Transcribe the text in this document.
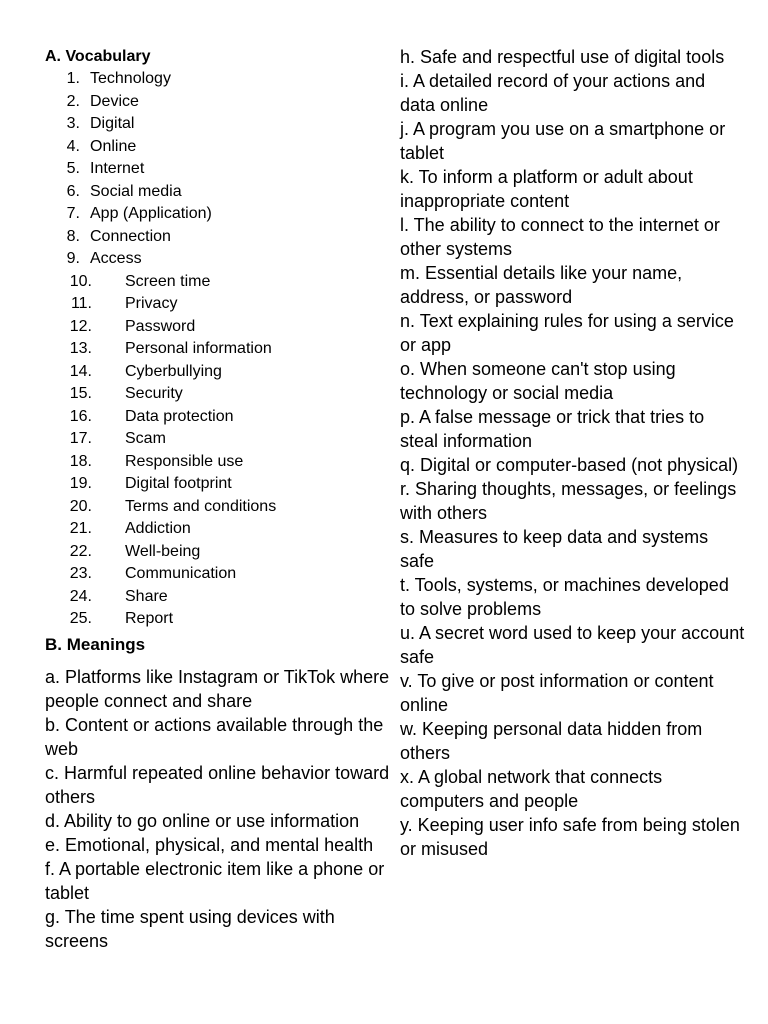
A. Vocabulary
1. Technology
2. Device
3. Digital
4. Online
5. Internet
6. Social media
7. App (Application)
8. Connection
9. Access
10. Screen time
11. Privacy
12. Password
13. Personal information
14. Cyberbullying
15. Security
16. Data protection
17. Scam
18. Responsible use
19. Digital footprint
20. Terms and conditions
21. Addiction
22. Well-being
23. Communication
24. Share
25. Report
B. Meanings
a. Platforms like Instagram or TikTok where people connect and share
b. Content or actions available through the web
c. Harmful repeated online behavior toward others
d. Ability to go online or use information
e. Emotional, physical, and mental health
f. A portable electronic item like a phone or tablet
g. The time spent using devices with screens
h. Safe and respectful use of digital tools
i. A detailed record of your actions and data online
j. A program you use on a smartphone or tablet
k. To inform a platform or adult about inappropriate content
l. The ability to connect to the internet or other systems
m. Essential details like your name, address, or password
n. Text explaining rules for using a service or app
o. When someone can't stop using technology or social media
p. A false message or trick that tries to steal information
q. Digital or computer-based (not physical)
r. Sharing thoughts, messages, or feelings with others
s. Measures to keep data and systems safe
t. Tools, systems, or machines developed to solve problems
u. A secret word used to keep your account safe
v. To give or post information or content online
w. Keeping personal data hidden from others
x. A global network that connects computers and people
y. Keeping user info safe from being stolen or misused
